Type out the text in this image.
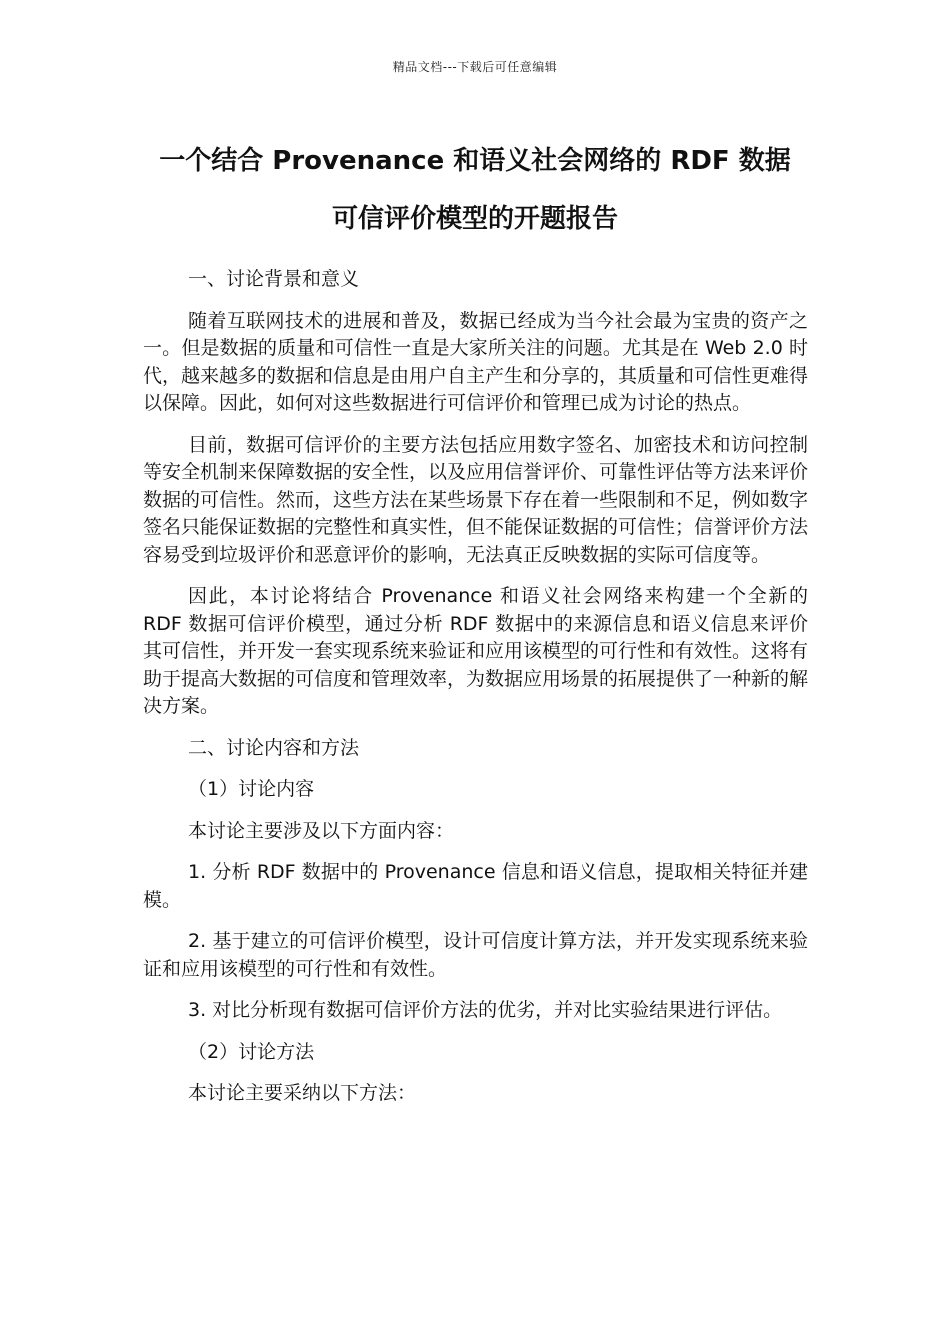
精品文档---下载后可任意编辑
一个结合 Provenance 和语义社会网络的 RDF 数据
可信评价模型的开题报告

一、讨论背景和意义

随着互联网技术的进展和普及，数据已经成为当今社会最为宝贵的资产之一。但是数据的质量和可信性一直是大家所关注的问题。尤其是在 Web 2.0 时代，越来越多的数据和信息是由用户自主产生和分享的，其质量和可信性更难得以保障。因此，如何对这些数据进行可信评价和管理已成为讨论的热点。

目前，数据可信评价的主要方法包括应用数字签名、加密技术和访问控制等安全机制来保障数据的安全性，以及应用信誉评价、可靠性评估等方法来评价数据的可信性。然而，这些方法在某些场景下存在着一些限制和不足，例如数字签名只能保证数据的完整性和真实性，但不能保证数据的可信性；信誉评价方法容易受到垃圾评价和恶意评价的影响，无法真正反映数据的实际可信度等。

因此，本讨论将结合 Provenance 和语义社会网络来构建一个全新的 RDF 数据可信评价模型，通过分析 RDF 数据中的来源信息和语义信息来评价其可信性，并开发一套实现系统来验证和应用该模型的可行性和有效性。这将有助于提高大数据的可信度和管理效率，为数据应用场景的拓展提供了一种新的解决方案。

二、讨论内容和方法

（1）讨论内容

本讨论主要涉及以下方面内容：

1. 分析 RDF 数据中的 Provenance 信息和语义信息，提取相关特征并建模。

2. 基于建立的可信评价模型，设计可信度计算方法，并开发实现系统来验证和应用该模型的可行性和有效性。

3. 对比分析现有数据可信评价方法的优劣，并对比实验结果进行评估。

（2）讨论方法

本讨论主要采纳以下方法：
